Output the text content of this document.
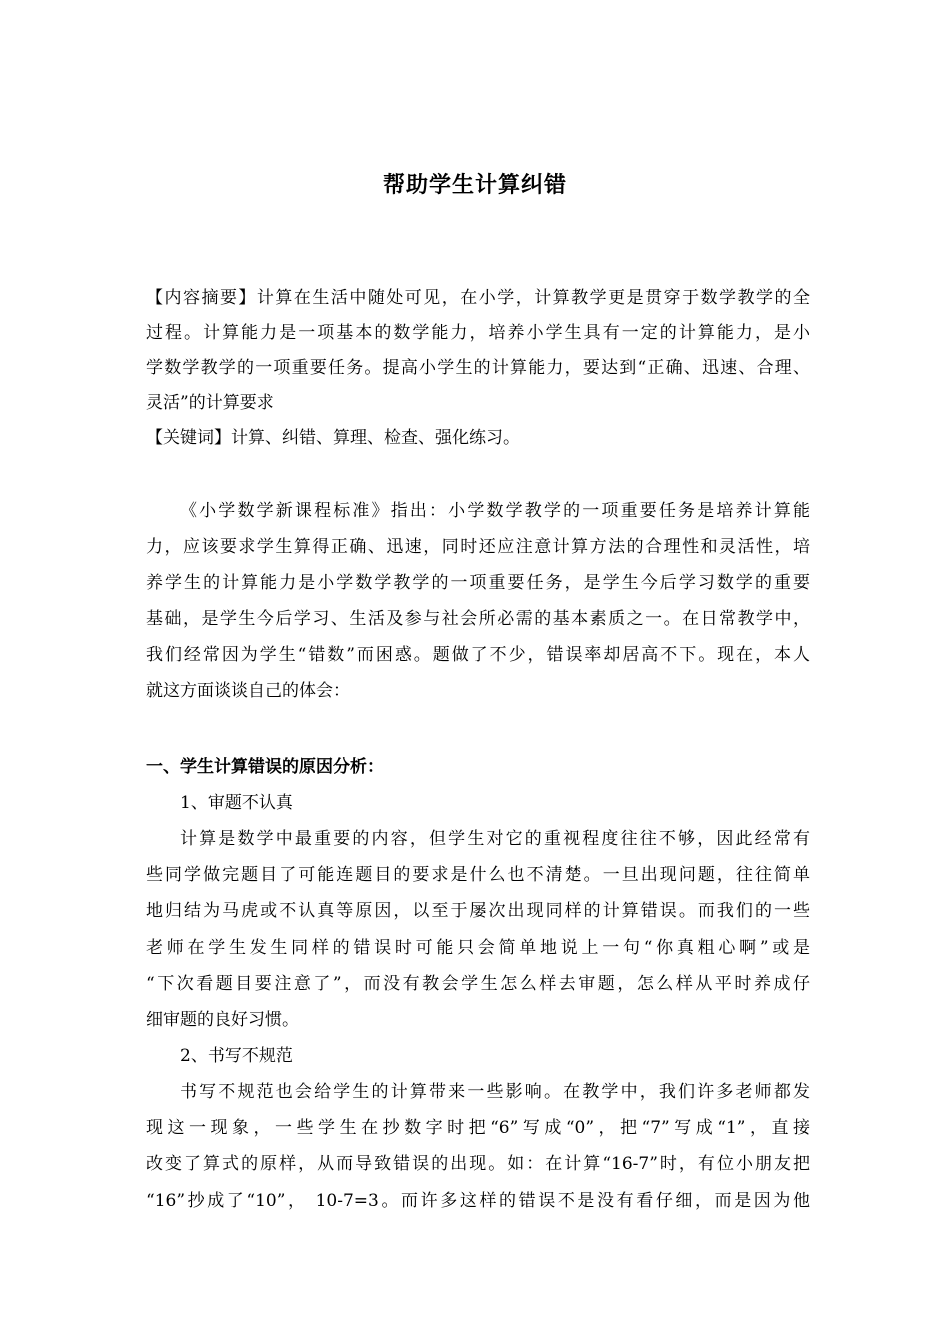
帮助学生计算纠错
【内容摘要】计算在生活中随处可见，在小学，计算教学更是贯穿于数学教学的全
过程。计算能力是一项基本的数学能力，培养小学生具有一定的计算能力，是小
学数学教学的一项重要任务。提高小学生的计算能力，要达到“正确、迅速、合理、
灵活”的计算要求
【关键词】计算、纠错、算理、检查、强化练习。
《小学数学新课程标准》指出：小学数学教学的一项重要任务是培养计算能
力，应该要求学生算得正确、迅速，同时还应注意计算方法的合理性和灵活性，培
养学生的计算能力是小学数学教学的一项重要任务，是学生今后学习数学的重要
基础，是学生今后学习、生活及参与社会所必需的基本素质之一。在日常教学中，
我们经常因为学生“错数”而困惑。题做了不少，错误率却居高不下。现在，本人
就这方面谈谈自己的体会：
一、学生计算错误的原因分析：
1、审题不认真
计算是数学中最重要的内容，但学生对它的重视程度往往不够，因此经常有
些同学做完题目了可能连题目的要求是什么也不清楚。一旦出现问题，往往简单
地归结为马虎或不认真等原因，以至于屡次出现同样的计算错误。而我们的一些
老师在学生发生同样的错误时可能只会简单地说上一句“你真粗心啊”或是
“下次看题目要注意了”，而没有教会学生怎么样去审题，怎么样从平时养成仔
细审题的良好习惯。
2、书写不规范
书写不规范也会给学生的计算带来一些影响。在教学中，我们许多老师都发
现这一现象，一些学生在抄数字时把“6”写成“0”，把“7”写成“1”，直接
改变了算式的原样，从而导致错误的出现。如：在计算“16-7”时，有位小朋友把
“16”抄成了“10”， 10-7=3。而许多这样的错误不是没有看仔细，而是因为他
